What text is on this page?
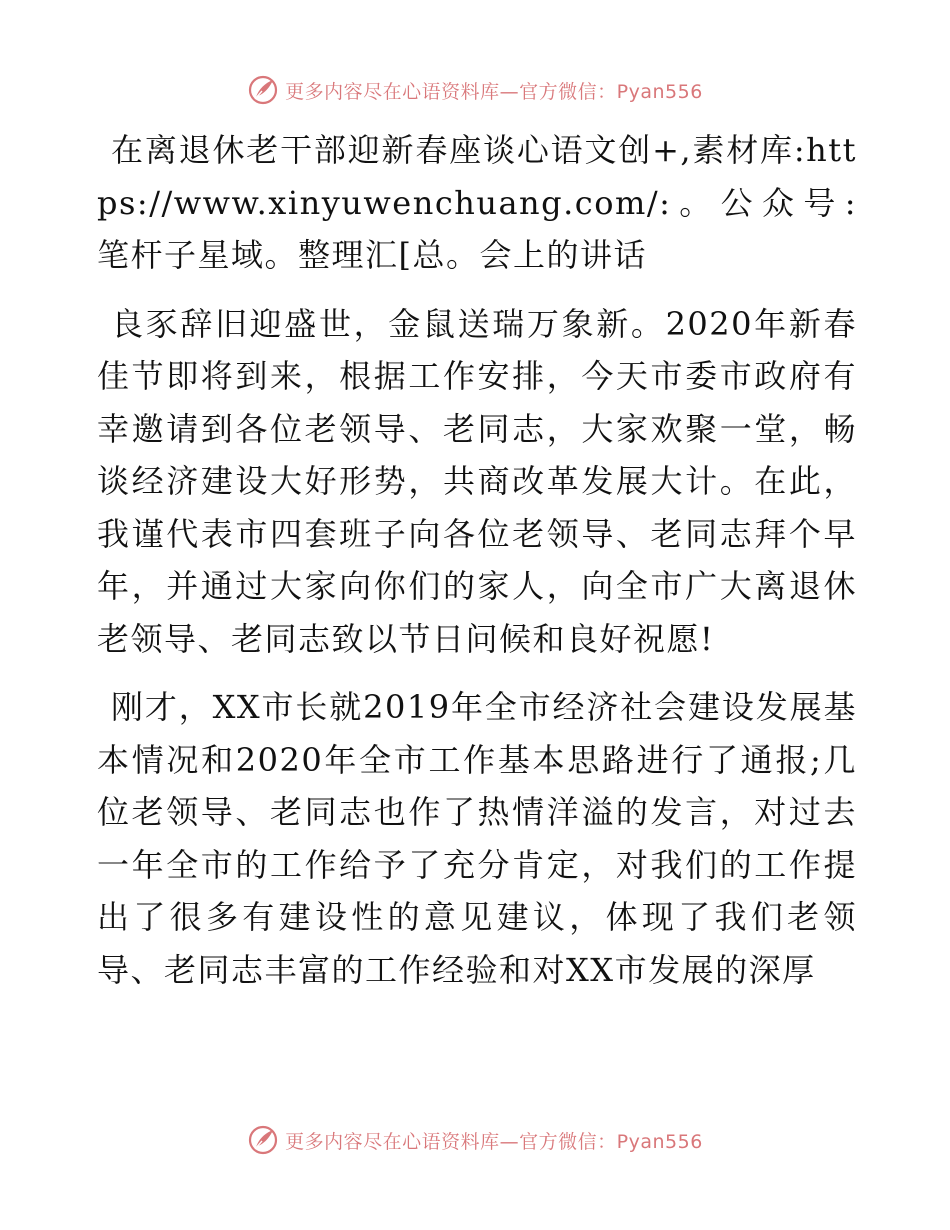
更多内容尽在心语资料库—官方微信：Pyan556

在离退休老干部迎新春座谈心语文创+,素材库:https://www.xinyuwenchuang.com/:。公众号: 笔杆子星域。整理汇[总。会上的讲话

良豕辞旧迎盛世，金鼠送瑞万象新。2020年新春佳节即将到来，根据工作安排，今天市委市政府有幸邀请到各位老领导、老同志，大家欢聚一堂，畅谈经济建设大好形势，共商改革发展大计。在此，我谨代表市四套班子向各位老领导、老同志拜个早年，并通过大家向你们的家人，向全市广大离退休老领导、老同志致以节日问候和良好祝愿!

刚才，XX市长就2019年全市经济社会建设发展基本情况和2020年全市工作基本思路进行了通报;几位老领导、老同志也作了热情洋溢的发言，对过去一年全市的工作给予了充分肯定，对我们的工作提出了很多有建设性的意见建议，体现了我们老领导、老同志丰富的工作经验和对XX市发展的深厚

更多内容尽在心语资料库—官方微信：Pyan556
